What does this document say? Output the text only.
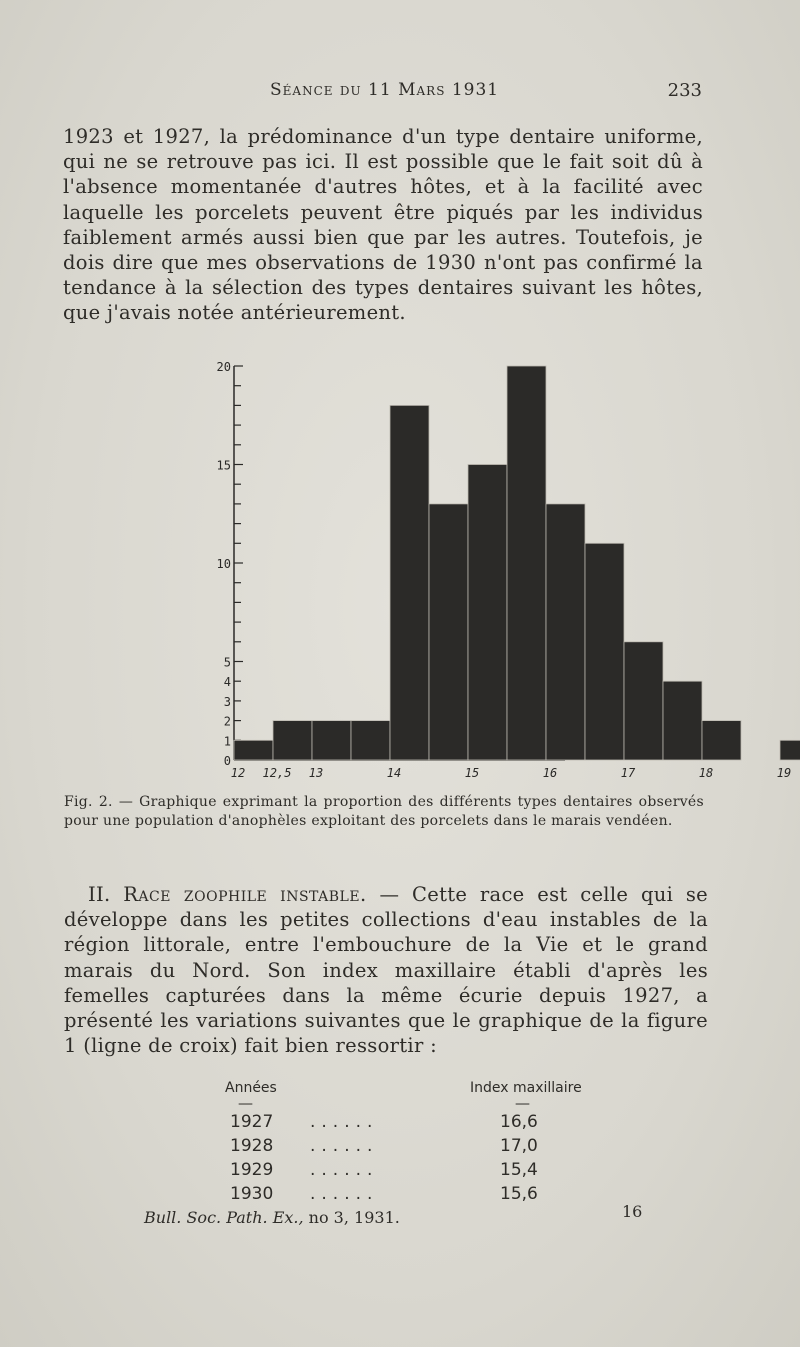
Séance du 11 Mars 1931	233

1923 et 1927, la prédominance d'un type dentaire uniforme, qui ne se retrouve pas ici. Il est possible que le fait soit dû à l'absence momentanée d'autres hôtes, et à la facilité avec laquelle les porcelets peuvent être piqués par les individus faiblement armés aussi bien que par les autres. Toutefois, je dois dire que mes observations de 1930 n'ont pas confirmé la tendance à la sélection des types dentaires suivant les hôtes, que j'avais notée antérieurement.

0
1
2
3
4
5
10
15
20
12 12,5 13	14	15	16	17	18	19
Fig. 2. — Graphique exprimant la proportion des différents types dentaires observés pour une population d'anophèles exploitant des porcelets dans le marais vendéen.

II. Race zoophile instable. — Cette race est celle qui se développe dans les petites collections d'eau instables de la région littorale, entre l'embouchure de la Vie et le grand marais du Nord. Son index maxillaire établi d'après les femelles capturées dans la même écurie depuis 1927, a présenté les variations suivantes que le graphique de la figure 1 (ligne de croix) fait bien ressortir :

Années	Index maxillaire
—	—
1927 ......	16,6
1928 ......	17,0
1929 ......	15,4
1930 ......	15,6
Bull. Soc. Path. Ex., no 3, 1931.	16
